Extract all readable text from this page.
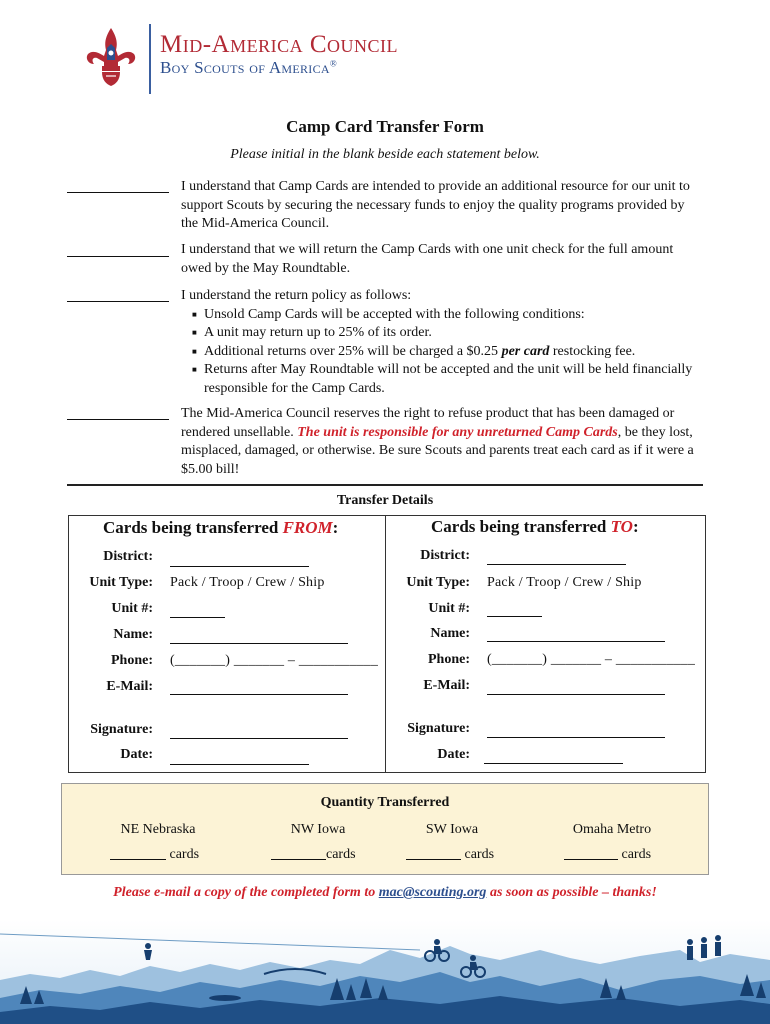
Mid-America Council
Boy Scouts of America®
Camp Card Transfer Form
Please initial in the blank beside each statement below.
I understand that Camp Cards are intended to provide an additional resource for our unit to support Scouts by securing the necessary funds to enjoy the quality programs provided by the Mid-America Council.
I understand that we will return the Camp Cards with one unit check for the full amount owed by the May Roundtable.
I understand the return policy as follows:
■ Unsold Camp Cards will be accepted with the following conditions:
■ A unit may return up to 25% of its order.
■ Additional returns over 25% will be charged a $0.25 per card restocking fee.
■ Returns after May Roundtable will not be accepted and the unit will be held financially responsible for the Camp Cards.
The Mid-America Council reserves the right to refuse product that has been damaged or rendered unsellable. The unit is responsible for any unreturned Camp Cards, be they lost, misplaced, damaged, or otherwise. Be sure Scouts and parents treat each card as if it were a $5.00 bill!
Transfer Details
Cards being transferred FROM:
District:
Unit Type: Pack / Troop / Crew / Ship
Unit #:
Name:
Phone: (_______) _______ – ___________
E-Mail:
Signature:
Date:
Cards being transferred TO:
District:
Unit Type: Pack / Troop / Crew / Ship
Unit #:
Name:
Phone: (_______) _______ – ___________
E-Mail:
Signature:
Date:
Quantity Transferred
NE Nebraska	NW Iowa	SW Iowa	Omaha Metro
cards	cards	cards	cards
Please e-mail a copy of the completed form to mac@scouting.org as soon as possible – thanks!
